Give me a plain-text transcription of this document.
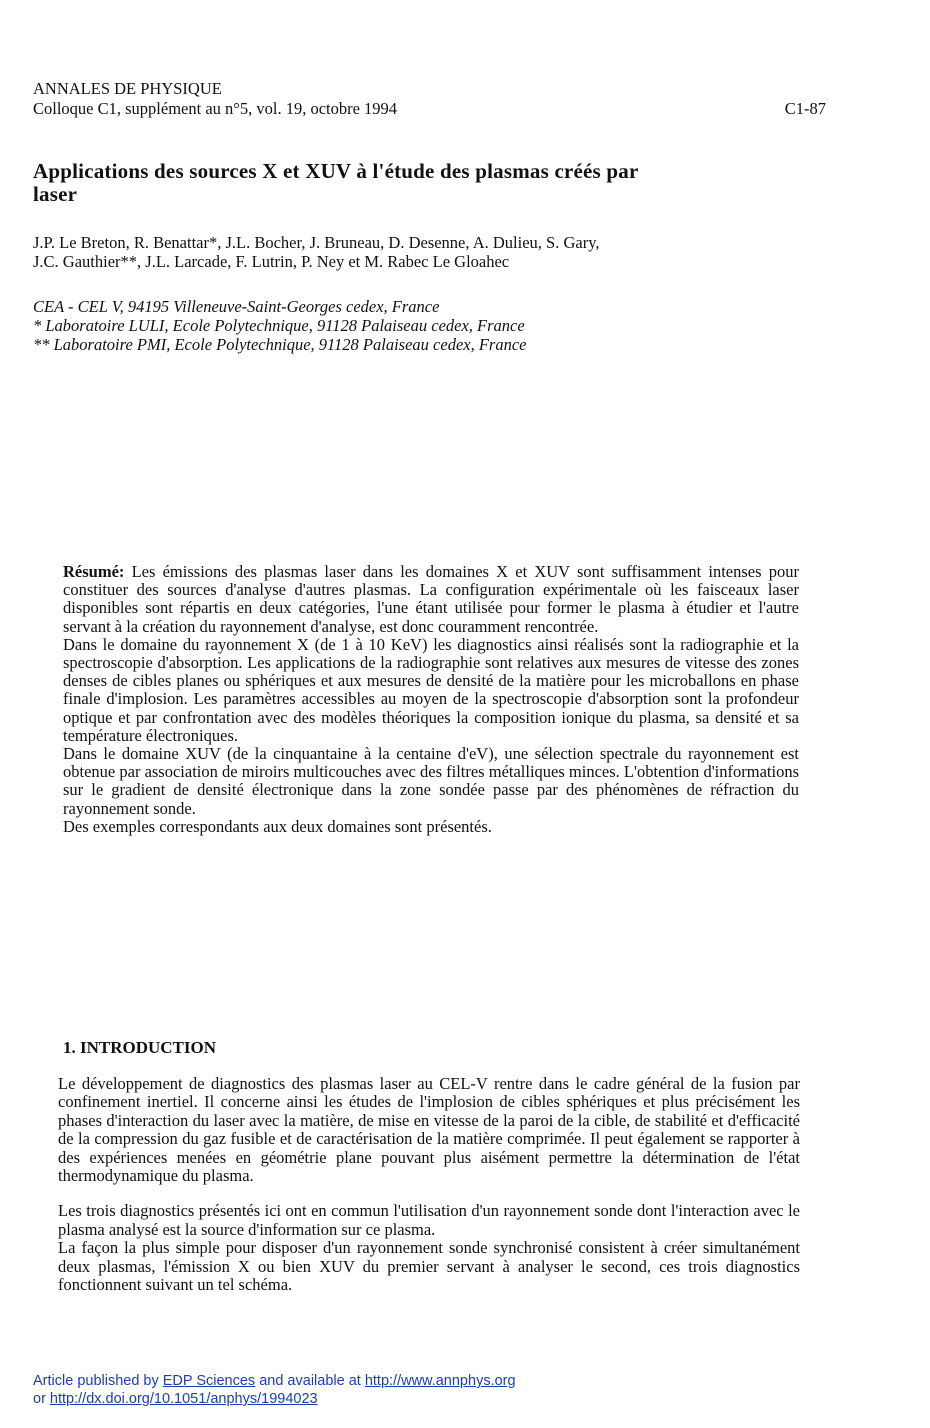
ANNALES DE PHYSIQUE
Colloque C1, supplément au n°5, vol. 19, octobre 1994	C1-87
Applications des sources X et XUV à l'étude des plasmas créés par
laser
J.P. Le Breton, R. Benattar*, J.L. Bocher, J. Bruneau, D. Desenne, A. Dulieu, S. Gary,
J.C. Gauthier**, J.L. Larcade, F. Lutrin, P. Ney et M. Rabec Le Gloahec
CEA - CEL V, 94195 Villeneuve-Saint-Georges cedex, France
* Laboratoire LULI, Ecole Polytechnique, 91128 Palaiseau cedex, France
** Laboratoire PMI, Ecole Polytechnique, 91128 Palaiseau cedex, France

Résumé: Les émissions des plasmas laser dans les domaines X et XUV sont suffisamment intenses pour constituer des sources d'analyse d'autres plasmas. La configuration expérimentale où les faisceaux laser disponibles sont répartis en deux catégories, l'une étant utilisée pour former le plasma à étudier et l'autre servant à la création du rayonnement d'analyse, est donc couramment rencontrée.

Dans le domaine du rayonnement X (de 1 à 10 KeV) les diagnostics ainsi réalisés sont la radiographie et la spectroscopie d'absorption. Les applications de la radiographie sont relatives aux mesures de vitesse des zones denses de cibles planes ou sphériques et aux mesures de densité de la matière pour les microballons en phase finale d'implosion. Les paramètres accessibles au moyen de la spectroscopie d'absorption sont la profondeur optique et par confrontation avec des modèles théoriques la composition ionique du plasma, sa densité et sa température électroniques.

Dans le domaine XUV (de la cinquantaine à la centaine d'eV), une sélection spectrale du rayonnement est obtenue par association de miroirs multicouches avec des filtres métalliques minces. L'obtention d'informations sur le gradient de densité électronique dans la zone sondée passe par des phénomènes de réfraction du rayonnement sonde.

Des exemples correspondants aux deux domaines sont présentés.

1. INTRODUCTION

Le développement de diagnostics des plasmas laser au CEL-V rentre dans le cadre général de la fusion par confinement inertiel. Il concerne ainsi les études de l'implosion de cibles sphériques et plus précisément les phases d'interaction du laser avec la matière, de mise en vitesse de la paroi de la cible, de stabilité et d'efficacité de la compression du gaz fusible et de caractérisation de la matière comprimée. Il peut également se rapporter à des expériences menées en géométrie plane pouvant plus aisément permettre la détermination de l'état thermodynamique du plasma.

Les trois diagnostics présentés ici ont en commun l'utilisation d'un rayonnement sonde dont l'interaction avec le plasma analysé est la source d'information sur ce plasma.

La façon la plus simple pour disposer d'un rayonnement sonde synchronisé consistent à créer simultanément deux plasmas, l'émission X ou bien XUV du premier servant à analyser le second, ces trois diagnostics fonctionnent suivant un tel schéma.

Article published by EDP Sciences and available at http://www.annphys.org
or http://dx.doi.org/10.1051/anphys/1994023
